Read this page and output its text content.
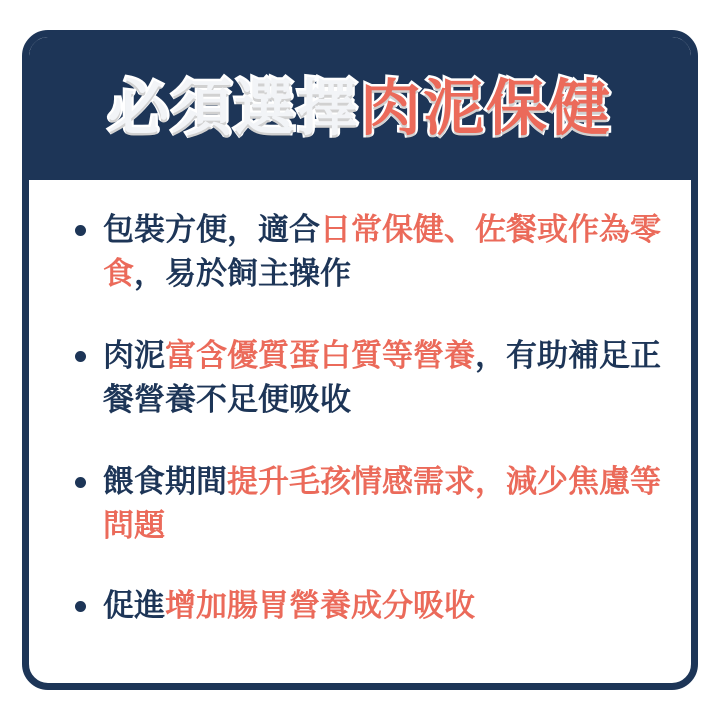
必須選擇肉泥保健
包裝方便，適合日常保健、佐餐或作為零食，易於飼主操作
肉泥富含優質蛋白質等營養，有助補足正餐營養不足便吸收
餵食期間提升毛孩情感需求，減少焦慮等問題
促進增加腸胃營養成分吸收
